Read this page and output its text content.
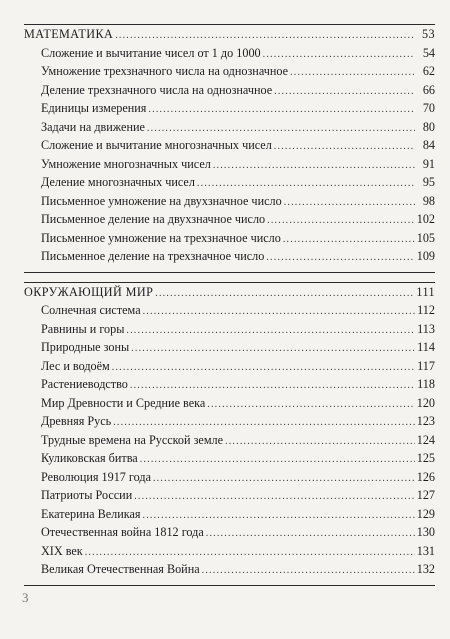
МАТЕМАТИКА .....	53
Сложение и вычитание чисел от 1 до 1000 .....	54
Умножение трехзначного числа на однозначное .....	62
Деление трехзначного числа на однозначное .....	66
Единицы измерения .....	70
Задачи на движение .....	80
Сложение и вычитание многозначных чисел .....	84
Умножение многозначных чисел .....	91
Деление многозначных чисел .....	95
Письменное умножение на двухзначное число .....	98
Письменное деление на двухзначное число .....	102
Письменное умножение на трехзначное число .....	105
Письменное деление на трехзначное число .....	109
ОКРУЖАЮЩИЙ МИР .....	111
Солнечная система .....	112
Равнины и горы .....	113
Природные зоны .....	114
Лес и водоём .....	117
Растениеводство .....	118
Мир Древности и Средние века .....	120
Древняя Русь .....	123
Трудные времена на Русской земле .....	124
Куликовская битва .....	125
Революция 1917 года .....	126
Патриоты России .....	127
Екатерина Великая .....	129
Отечественная война 1812 года .....	130
XIX век .....	131
Великая Отечественная Война .....	132
3
